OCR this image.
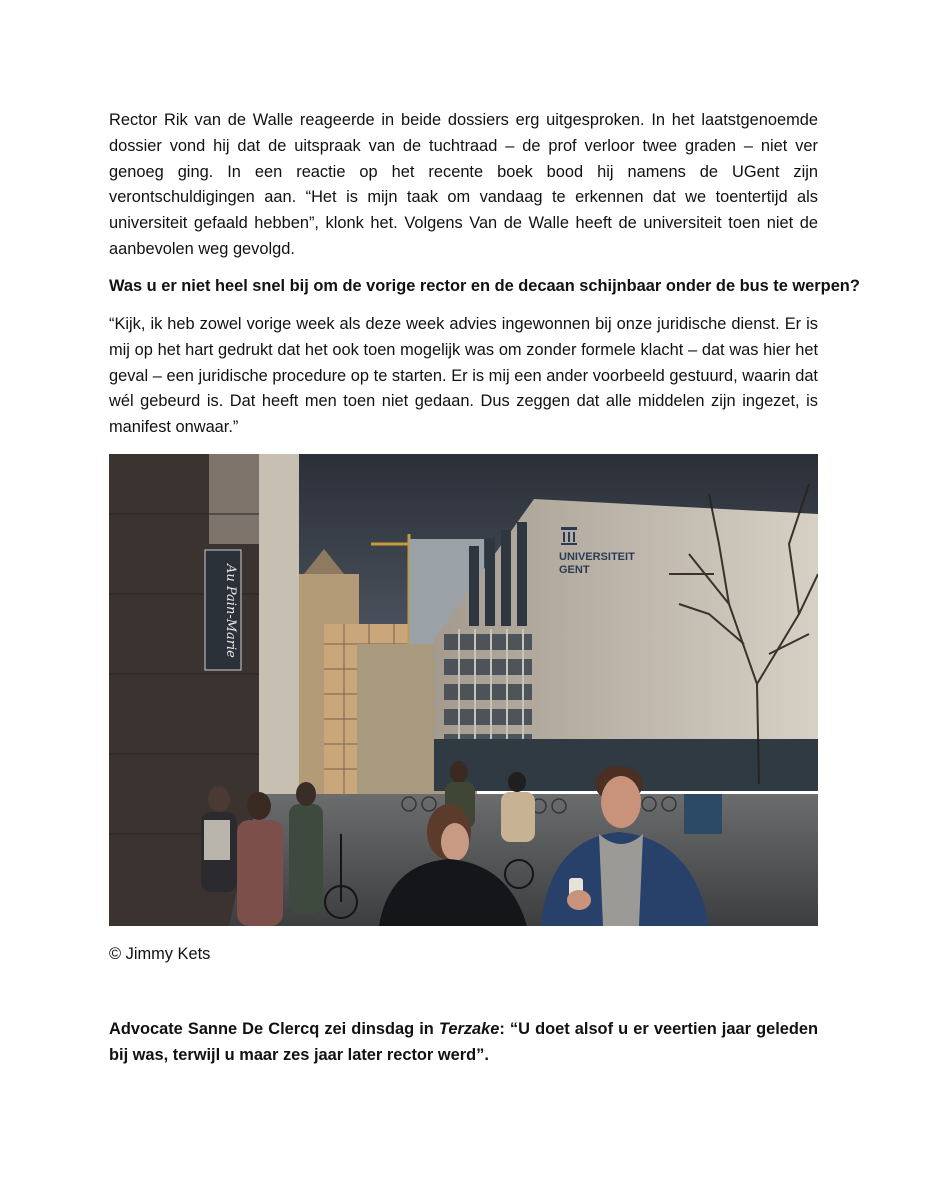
Rector Rik van de Walle reageerde in beide dossiers erg uitgesproken. In het laatstgenoemde dossier vond hij dat de uitspraak van de tuchtraad – de prof verloor twee graden – niet ver genoeg ging. In een reactie op het recente boek bood hij namens de UGent zijn verontschuldigingen aan. “Het is mijn taak om vandaag te erkennen dat we toentertijd als universiteit gefaald hebben”, klonk het. Volgens Van de Walle heeft de universiteit toen niet de aanbevolen weg gevolgd.

Was u er niet heel snel bij om de vorige rector en de decaan schijnbaar onder de bus te werpen?

“Kijk, ik heb zowel vorige week als deze week advies ingewonnen bij onze juridische dienst. Er is mij op het hart gedrukt dat het ook toen mogelijk was om zonder formele klacht – dat was hier het geval – een juridische procedure op te starten. Er is mij een ander voorbeeld gestuurd, waarin dat wél gebeurd is. Dat heeft men toen niet gedaan. Dus zeggen dat alle middelen zijn ingezet, is manifest onwaar.”

UNIVERSITEIT
GENT
Au Pain-Marie

© Jimmy Kets

Advocate Sanne De Clercq zei dinsdag in Terzake: “U doet alsof u er veertien jaar geleden bij was, terwijl u maar zes jaar later rector werd”.
